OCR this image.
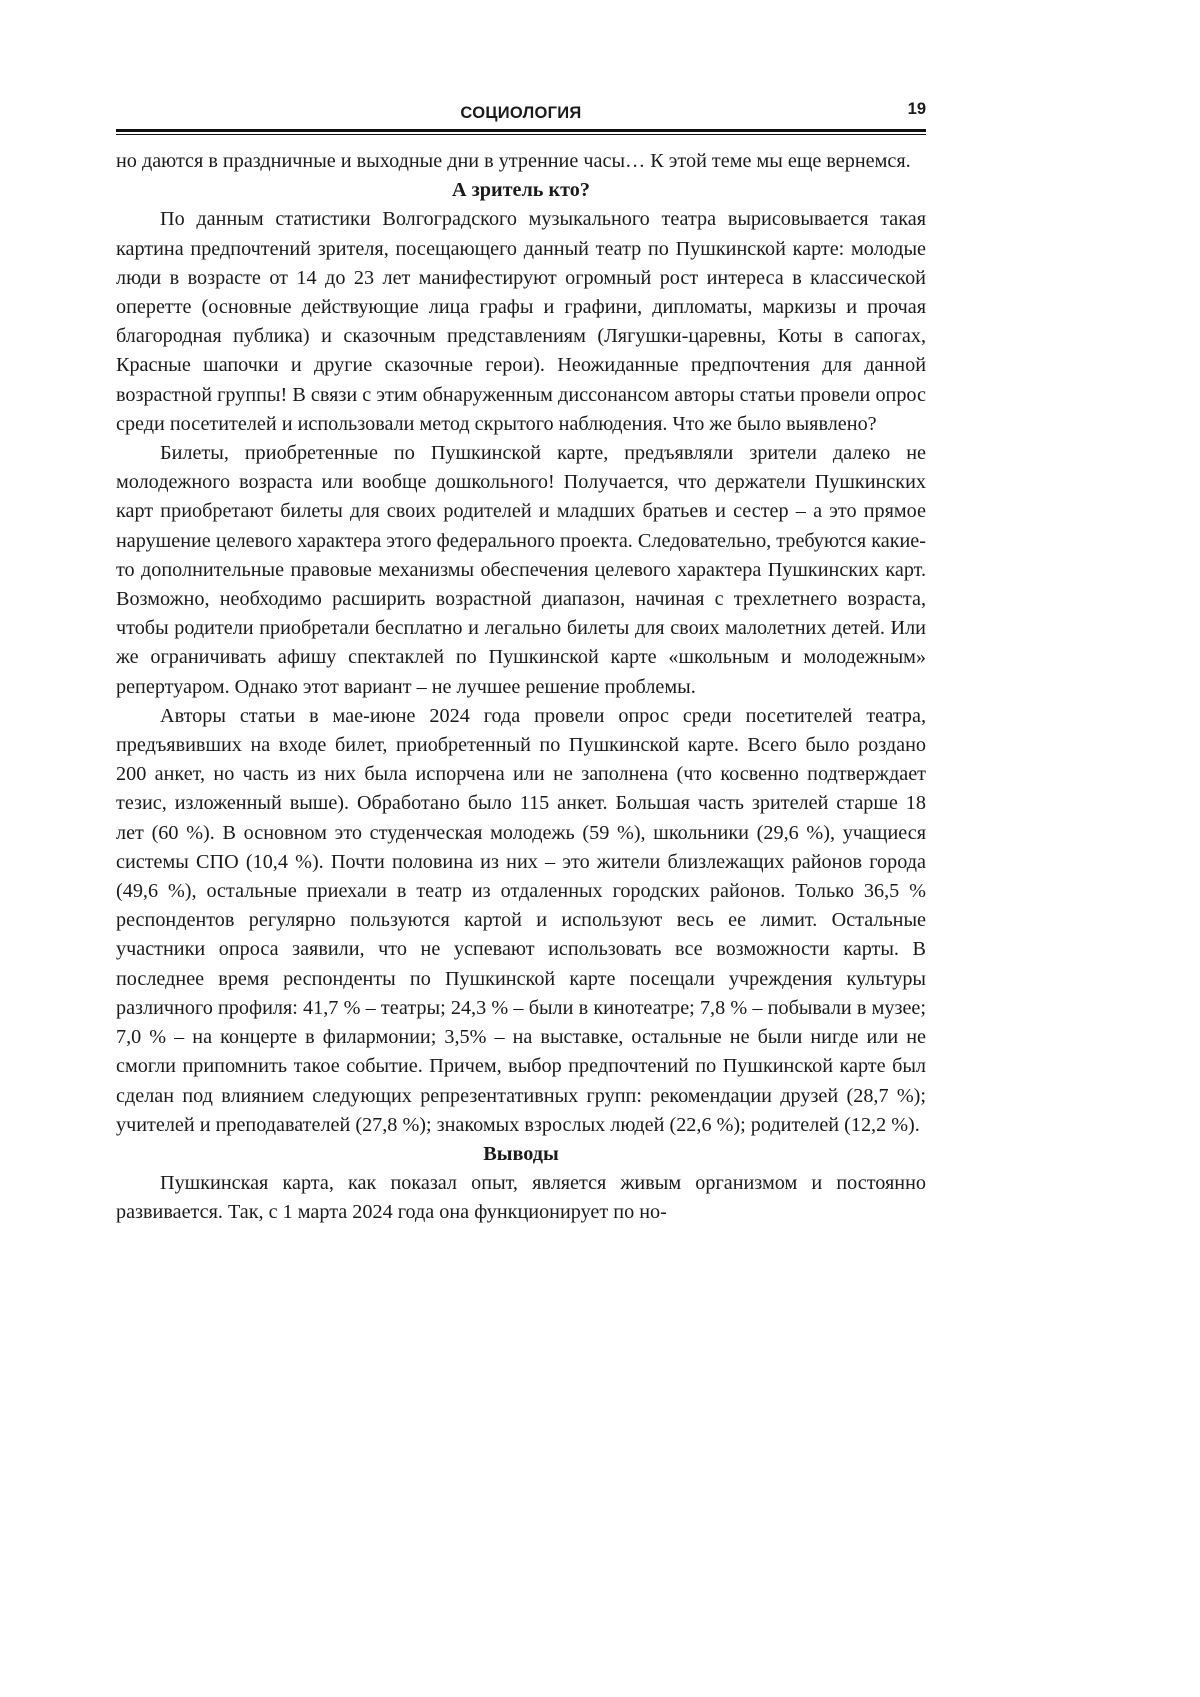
СОЦИОЛОГИЯ	19

но даются в праздничные и выходные дни в утренние часы… К этой теме мы еще вернемся.

А зритель кто?

По данным статистики Волгоградского музыкального театра вырисовывается такая картина предпочтений зрителя, посещающего данный театр по Пушкинской карте: молодые люди в возрасте от 14 до 23 лет манифестируют огромный рост интереса в классической оперетте (основные действующие лица графы и графини, дипломаты, маркизы и прочая благородная публика) и сказочным представлениям (Лягушки-царевны, Коты в сапогах, Красные шапочки и другие сказочные герои). Неожиданные предпочтения для данной возрастной группы! В связи с этим обнаруженным диссонансом авторы статьи провели опрос среди посетителей и использовали метод скрытого наблюдения. Что же было выявлено?

Билеты, приобретенные по Пушкинской карте, предъявляли зрители далеко не молодежного возраста или вообще дошкольного! Получается, что держатели Пушкинских карт приобретают билеты для своих родителей и младших братьев и сестер – а это прямое нарушение целевого характера этого федерального проекта. Следовательно, требуются какие-то дополнительные правовые механизмы обеспечения целевого характера Пушкинских карт. Возможно, необходимо расширить возрастной диапазон, начиная с трехлетнего возраста, чтобы родители приобретали бесплатно и легально билеты для своих малолетних детей. Или же ограничивать афишу спектаклей по Пушкинской карте «школьным и молодежным» репертуаром. Однако этот вариант – не лучшее решение проблемы.

Авторы статьи в мае-июне 2024 года провели опрос среди посетителей театра, предъявивших на входе билет, приобретенный по Пушкинской карте. Всего было роздано 200 анкет, но часть из них была испорчена или не заполнена (что косвенно подтверждает тезис, изложенный выше). Обработано было 115 анкет. Большая часть зрителей старше 18 лет (60 %). В основном это студенческая молодежь (59 %), школьники (29,6 %), учащиеся системы СПО (10,4 %). Почти половина из них – это жители близлежащих районов города (49,6 %), остальные приехали в театр из отдаленных городских районов. Только 36,5 % респондентов регулярно пользуются картой и используют весь ее лимит. Остальные участники опроса заявили, что не успевают использовать все возможности карты. В последнее время респонденты по Пушкинской карте посещали учреждения культуры различного профиля: 41,7 % – театры; 24,3 % – были в кинотеатре; 7,8 % – побывали в музее; 7,0 % – на концерте в филармонии; 3,5% – на выставке, остальные не были нигде или не смогли припомнить такое событие. Причем, выбор предпочтений по Пушкинской карте был сделан под влиянием следующих репрезентативных групп: рекомендации друзей (28,7 %); учителей и преподавателей (27,8 %); знакомых взрослых людей (22,6 %); родителей (12,2 %).

Выводы

Пушкинская карта, как показал опыт, является живым организмом и постоянно развивается. Так, с 1 марта 2024 года она функционирует по но-
